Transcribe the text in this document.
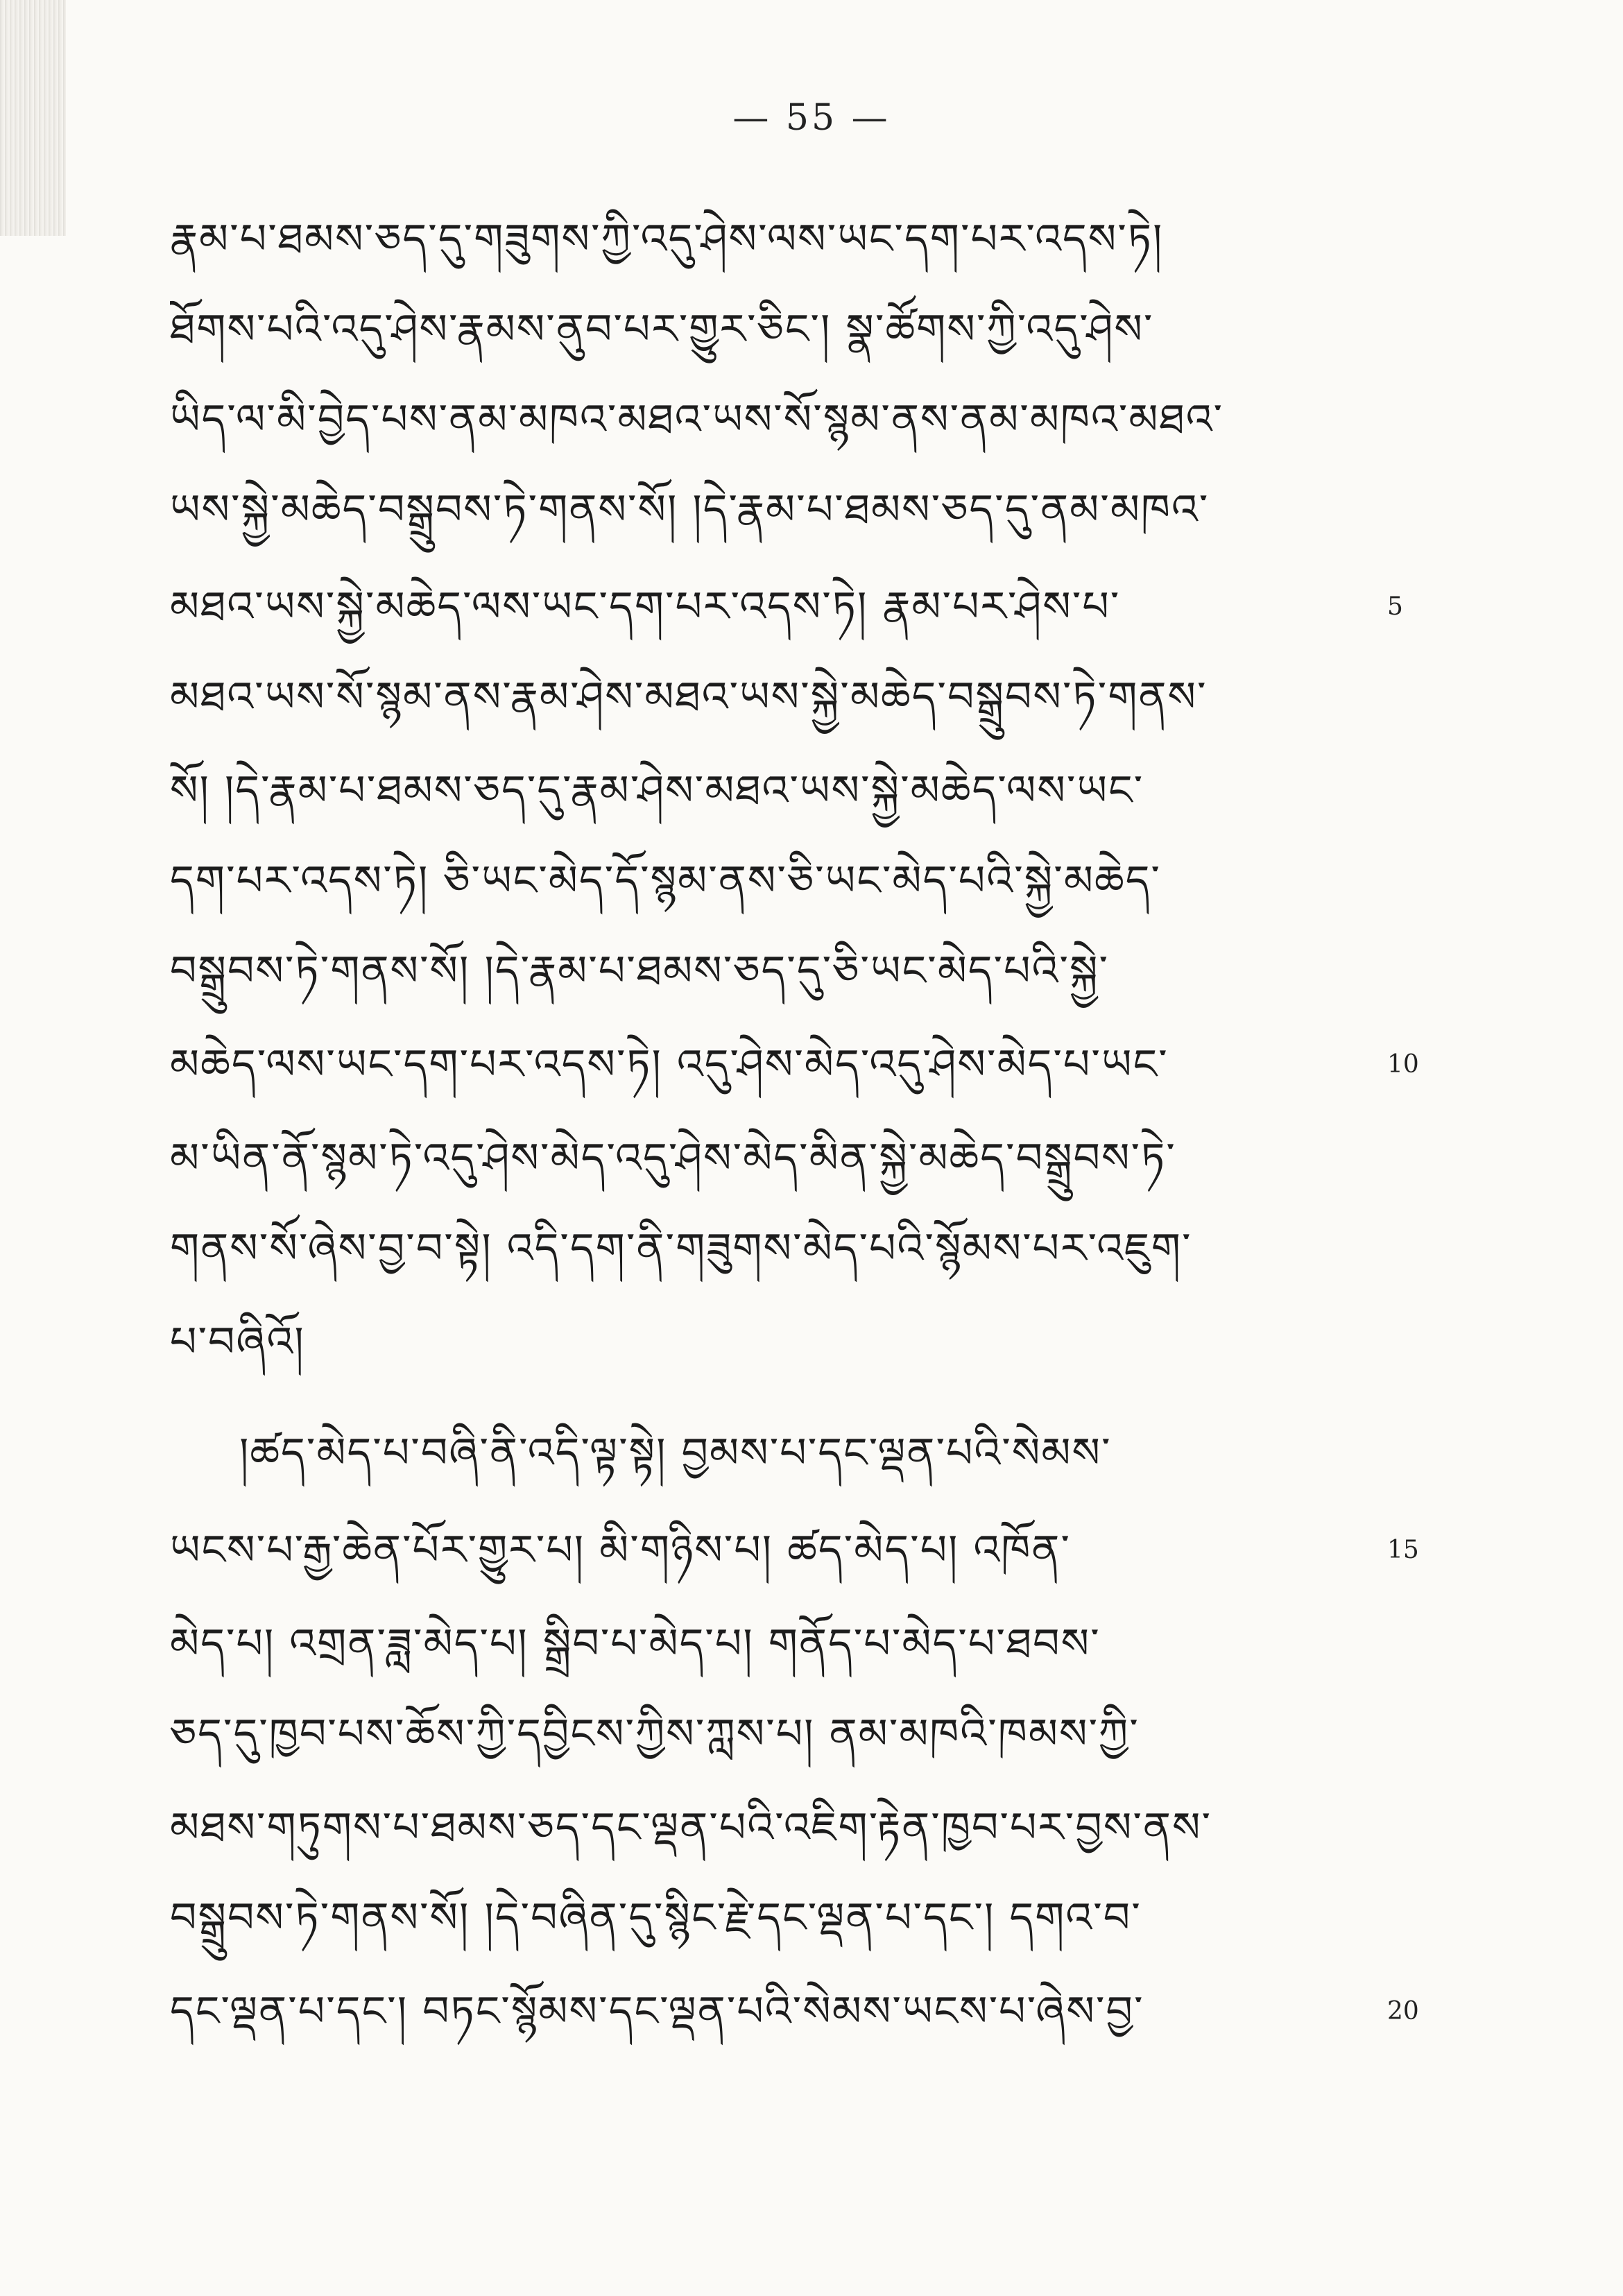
— 55 —
རྣམ་པ་ཐམས་ཅད་དུ་གཟུགས་ཀྱི་འདུ་ཤེས་ལས་ཡང་དག་པར་འདས་ཏེ།
ཐོགས་པའི་འདུ་ཤེས་རྣམས་ནུབ་པར་གྱུར་ཅིང་། སྣ་ཚོགས་ཀྱི་འདུ་ཤེས་
ཡིད་ལ་མི་བྱེད་པས་ནམ་མཁའ་མཐའ་ཡས་སོ་སྙམ་ནས་ནམ་མཁའ་མཐའ་
ཡས་སྐྱེ་མཆེད་བསྒྲུབས་ཏེ་གནས་སོ། །དེ་རྣམ་པ་ཐམས་ཅད་དུ་ནམ་མཁའ་
མཐའ་ཡས་སྐྱེ་མཆེད་ལས་ཡང་དག་པར་འདས་ཏེ། རྣམ་པར་ཤེས་པ་	5
མཐའ་ཡས་སོ་སྙམ་ནས་རྣམ་ཤེས་མཐའ་ཡས་སྐྱེ་མཆེད་བསྒྲུབས་ཏེ་གནས་
སོ། །དེ་རྣམ་པ་ཐམས་ཅད་དུ་རྣམ་ཤེས་མཐའ་ཡས་སྐྱེ་མཆེད་ལས་ཡང་
དག་པར་འདས་ཏེ། ཅི་ཡང་མེད་དོ་སྙམ་ནས་ཅི་ཡང་མེད་པའི་སྐྱེ་མཆེད་
བསྒྲུབས་ཏེ་གནས་སོ། །དེ་རྣམ་པ་ཐམས་ཅད་དུ་ཅི་ཡང་མེད་པའི་སྐྱེ་
མཆེད་ལས་ཡང་དག་པར་འདས་ཏེ། འདུ་ཤེས་མེད་འདུ་ཤེས་མེད་པ་ཡང་	10
མ་ཡིན་ནོ་སྙམ་ཏེ་འདུ་ཤེས་མེད་འདུ་ཤེས་མེད་མིན་སྐྱེ་མཆེད་བསྒྲུབས་ཏེ་
གནས་སོ་ཞེས་བྱ་བ་སྟེ། འདི་དག་ནི་གཟུགས་མེད་པའི་སྙོམས་པར་འཇུག་
པ་བཞིའོ།
།ཚད་མེད་པ་བཞི་ནི་འདི་ལྟ་སྟེ། བྱམས་པ་དང་ལྡན་པའི་སེམས་
ཡངས་པ་རྒྱ་ཆེན་པོར་གྱུར་པ། མི་གཉིས་པ། ཚད་མེད་པ། འཁོན་	15
མེད་པ། འགྲན་ཟླ་མེད་པ། སྒྲིབ་པ་མེད་པ། གནོད་པ་མེད་པ་ཐབས་
ཅད་དུ་ཁྱབ་པས་ཆོས་ཀྱི་དབྱིངས་ཀྱིས་ཀླས་པ། ནམ་མཁའི་ཁམས་ཀྱི་
མཐས་གཏུགས་པ་ཐམས་ཅད་དང་ལྡན་པའི་འཇིག་རྟེན་ཁྱབ་པར་བྱས་ནས་
བསྒྲུབས་ཏེ་གནས་སོ། །དེ་བཞིན་དུ་སྙིང་རྗེ་དང་ལྡན་པ་དང་། དགའ་བ་
དང་ལྡན་པ་དང་། བཏང་སྙོམས་དང་ལྡན་པའི་སེམས་ཡངས་པ་ཞེས་བྱ་	20
